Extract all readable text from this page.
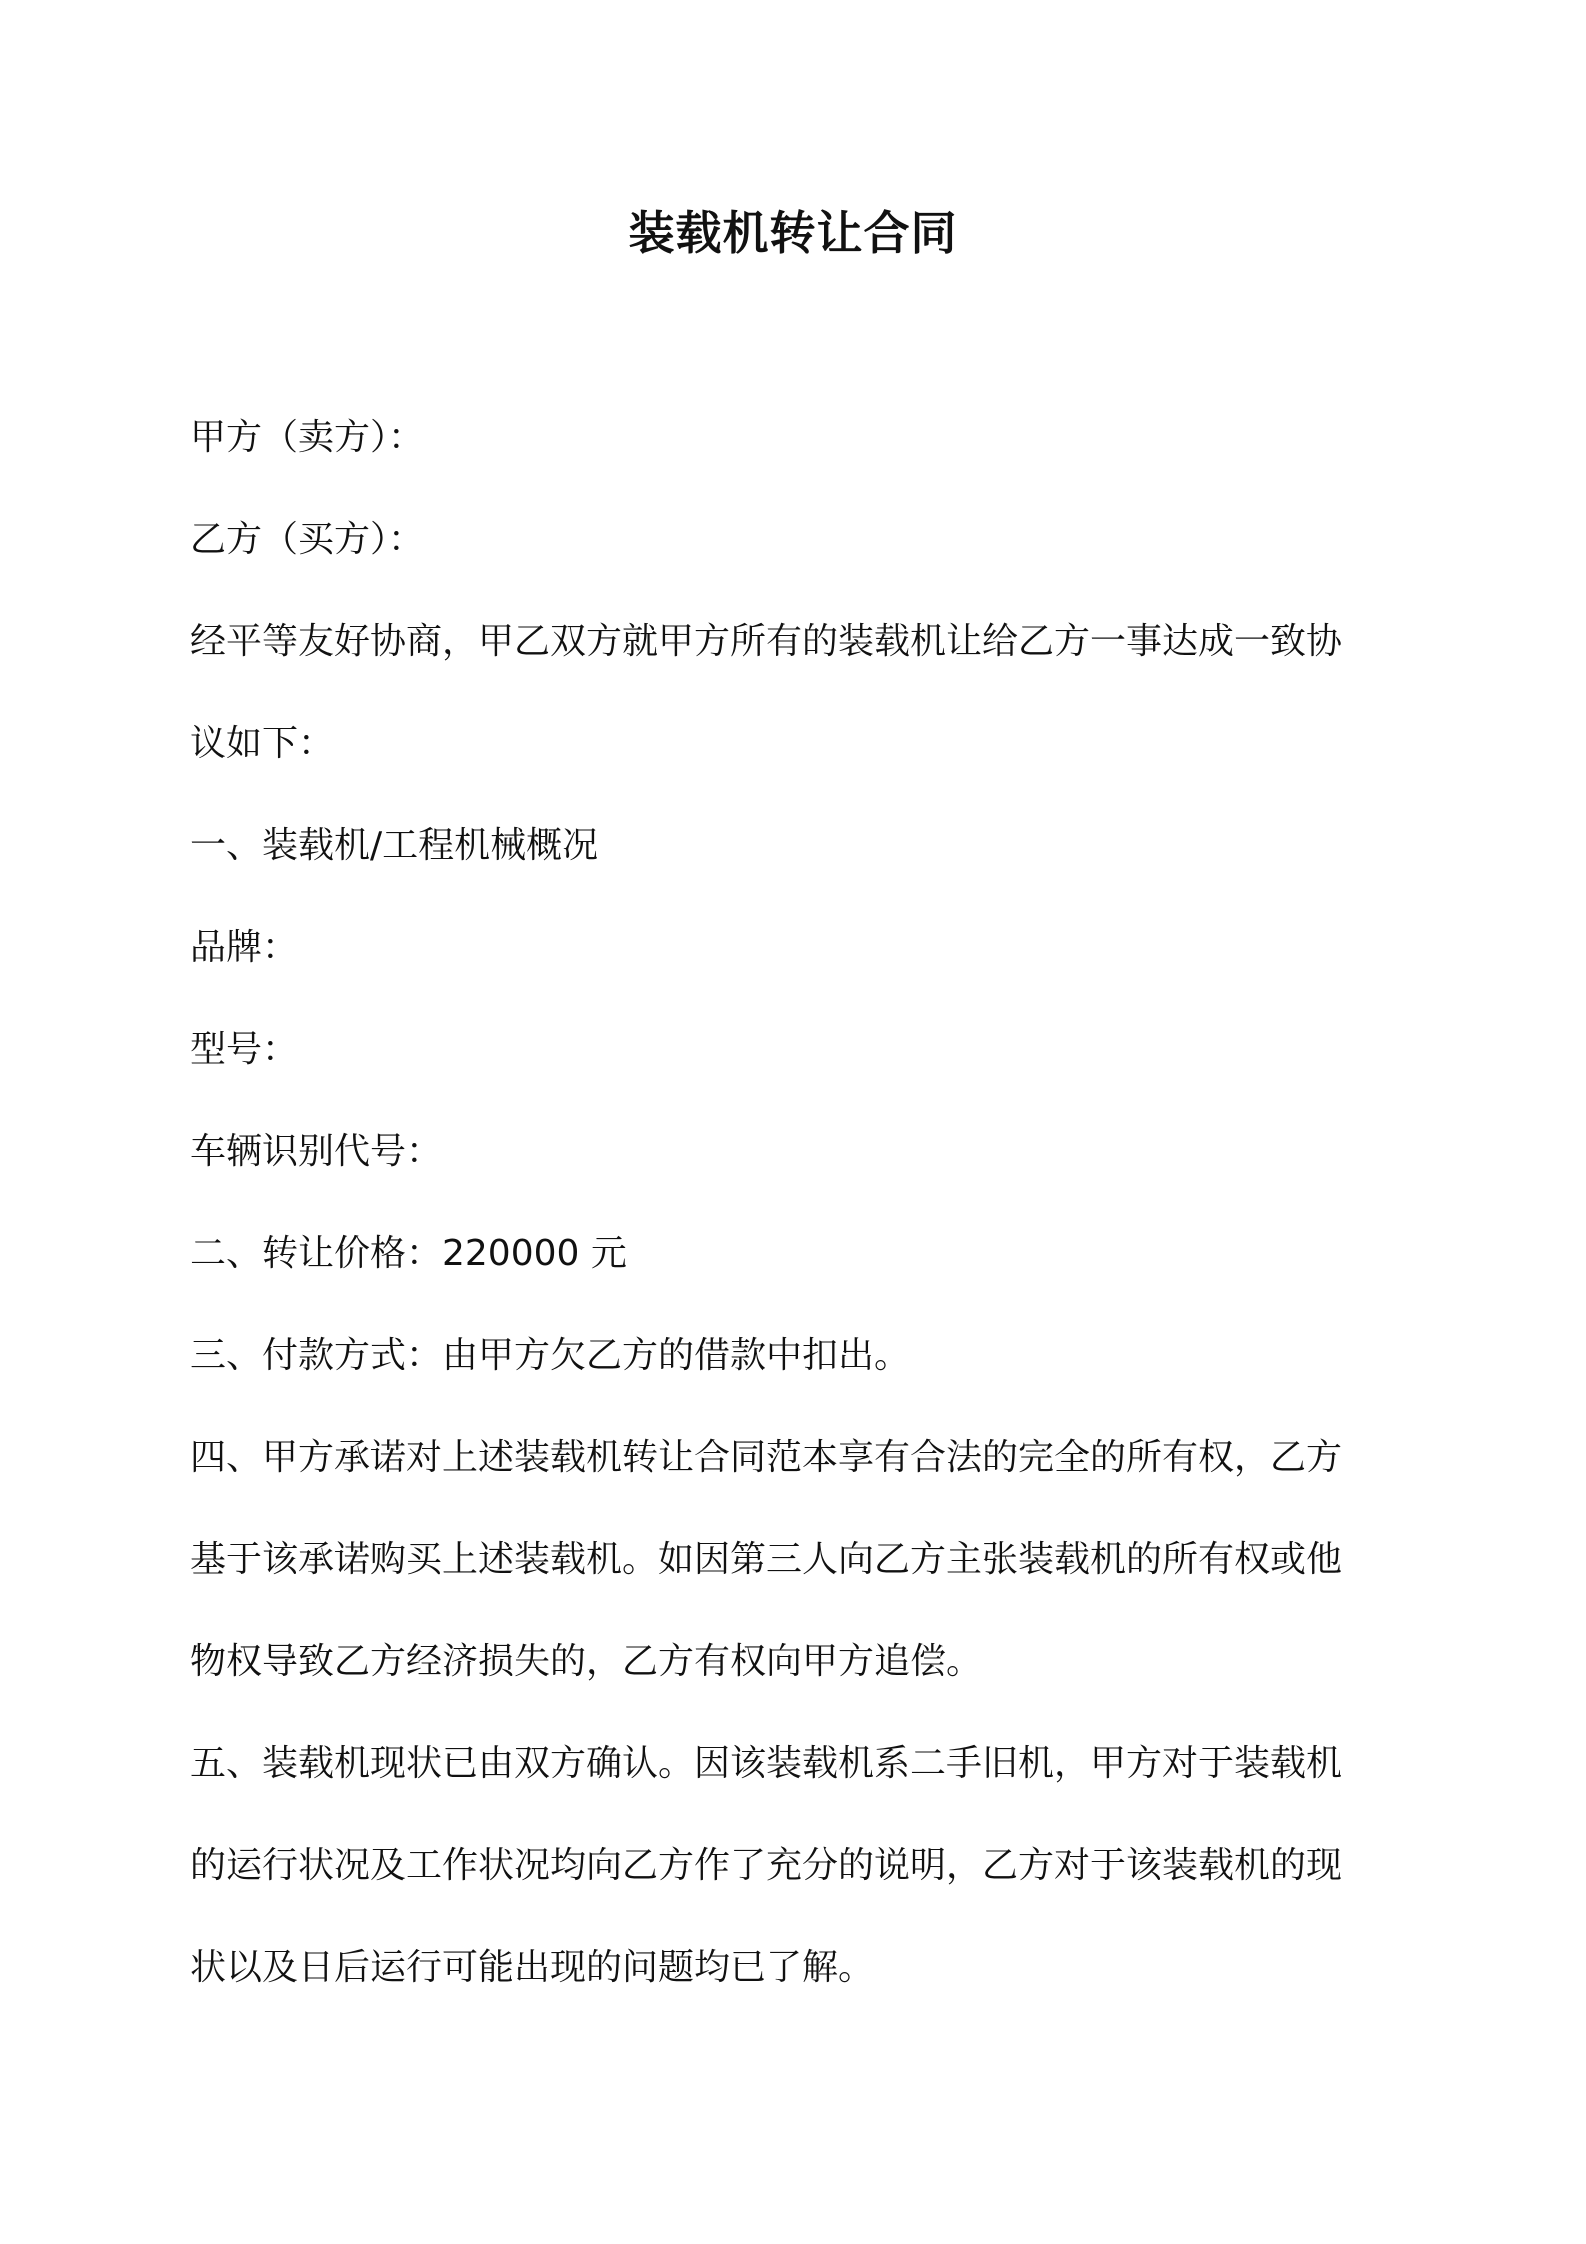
装载机转让合同

甲方（卖方）：

乙方（买方）：

经平等友好协商，甲乙双方就甲方所有的装载机让给乙方一事达成一致协

议如下：

一、装载机/工程机械概况

品牌：

型号：

车辆识别代号：

二、转让价格：220000 元

三、付款方式：由甲方欠乙方的借款中扣出。

四、甲方承诺对上述装载机转让合同范本享有合法的完全的所有权，乙方

基于该承诺购买上述装载机。如因第三人向乙方主张装载机的所有权或他

物权导致乙方经济损失的，乙方有权向甲方追偿。

五、装载机现状已由双方确认。因该装载机系二手旧机，甲方对于装载机

的运行状况及工作状况均向乙方作了充分的说明，乙方对于该装载机的现

状以及日后运行可能出现的问题均已了解。
